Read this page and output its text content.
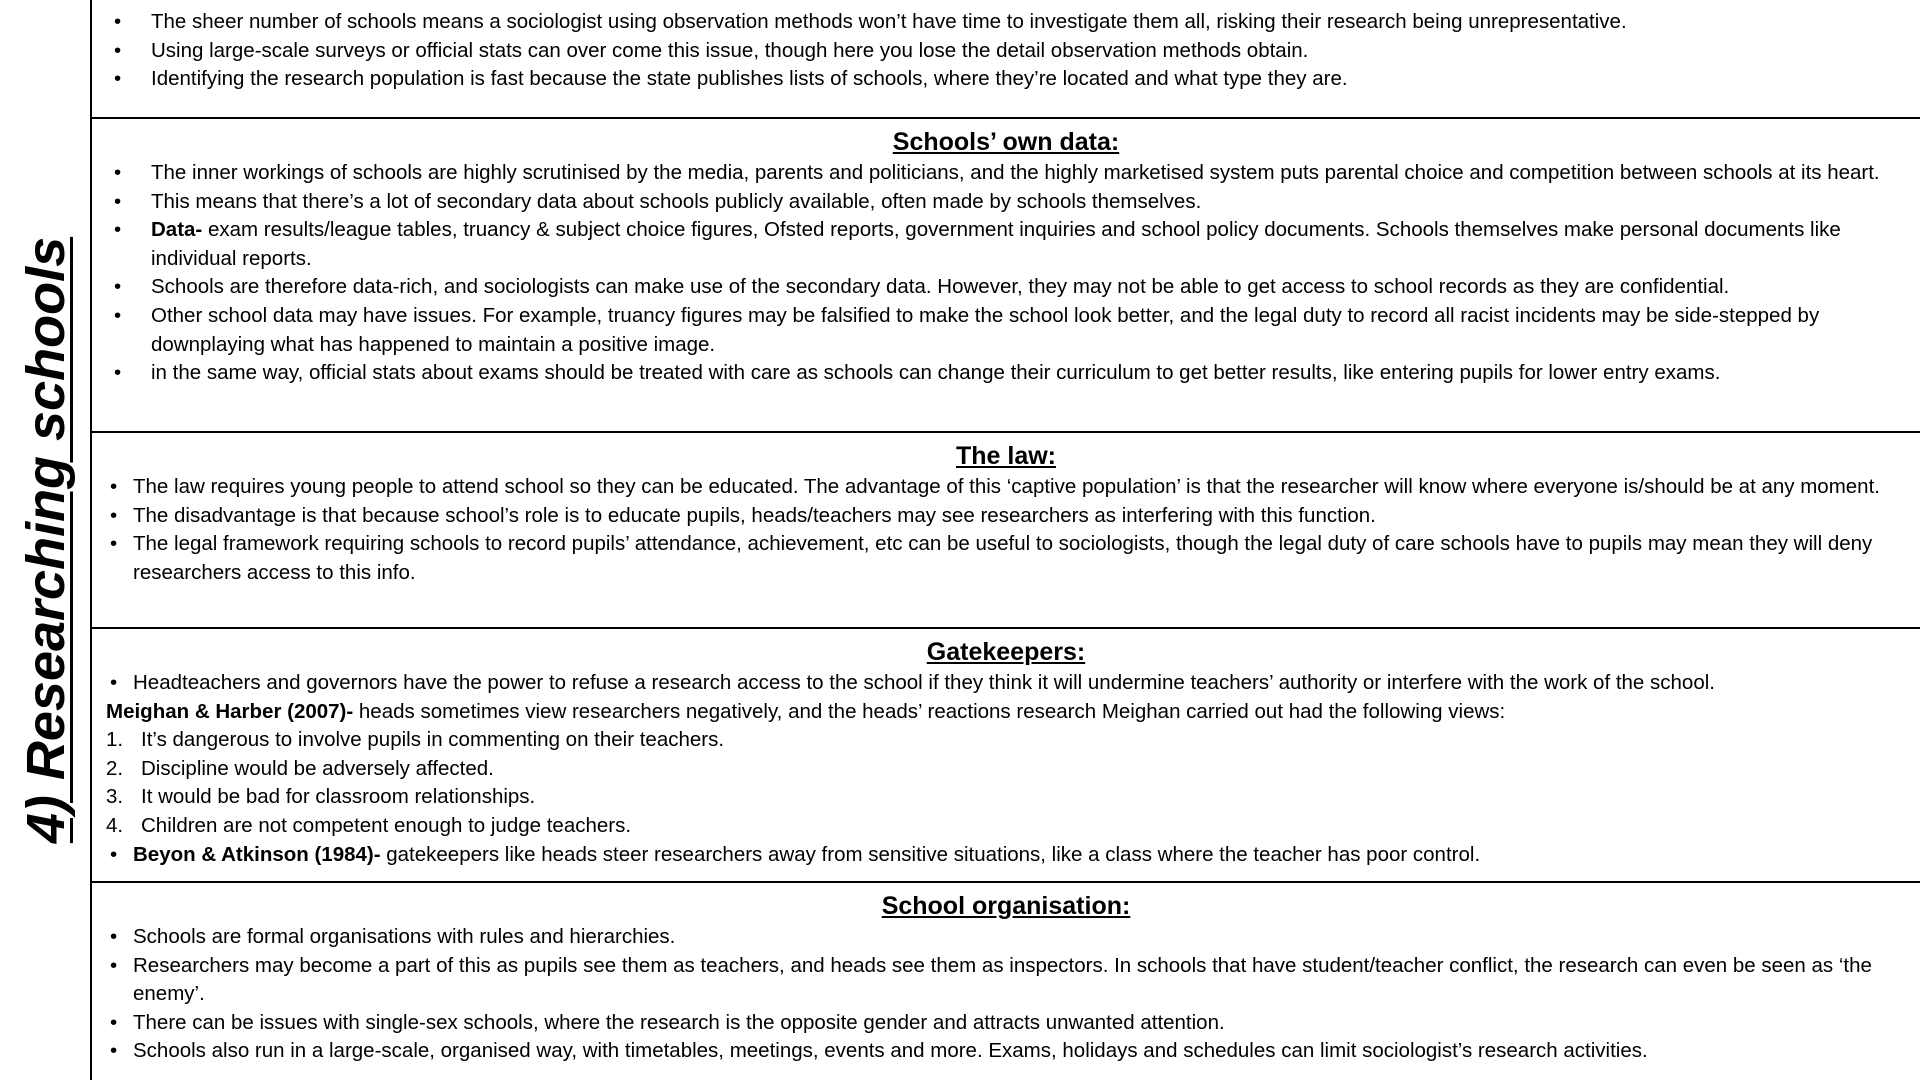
4) Researching schools
• The sheer number of schools means a sociologist using observation methods won’t have time to investigate them all, risking their research being unrepresentative.
• Using large-scale surveys or official stats can over come this issue, though here you lose the detail observation methods obtain.
• Identifying the research population is fast because the state publishes lists of schools, where they’re located and what type they are.
Schools’ own data:
• The inner workings of schools are highly scrutinised by the media, parents and politicians, and the highly marketised system puts parental choice and competition between schools at its heart.
• This means that there’s a lot of secondary data about schools publicly available, often made by schools themselves.
• Data- exam results/league tables, truancy & subject choice figures, Ofsted reports, government inquiries and school policy documents. Schools themselves make personal documents like individual reports.
• Schools are therefore data-rich, and sociologists can make use of the secondary data. However, they may not be able to get access to school records as they are confidential.
• Other school data may have issues. For example, truancy figures may be falsified to make the school look better, and the legal duty to record all racist incidents may be side-stepped by downplaying what has happened to maintain a positive image.
• in the same way, official stats about exams should be treated with care as schools can change their curriculum to get better results, like entering pupils for lower entry exams.
The law:
• The law requires young people to attend school so they can be educated. The advantage of this ‘captive population’ is that the researcher will know where everyone is/should be at any moment.
• The disadvantage is that because school’s role is to educate pupils, heads/teachers may see researchers as interfering with this function.
• The legal framework requiring schools to record pupils’ attendance, achievement, etc can be useful to sociologists, though the legal duty of care schools have to pupils may mean they will deny researchers access to this info.
Gatekeepers:
• Headteachers and governors have the power to refuse a research access to the school if they think it will undermine teachers’ authority or interfere with the work of the school.
Meighan & Harber (2007)- heads sometimes view researchers negatively, and the heads’ reactions research Meighan carried out had the following views:
1. It’s dangerous to involve pupils in commenting on their teachers.
2. Discipline would be adversely affected.
3. It would be bad for classroom relationships.
4. Children are not competent enough to judge teachers.
• Beyon & Atkinson (1984)- gatekeepers like heads steer researchers away from sensitive situations, like a class where the teacher has poor control.
School organisation:
• Schools are formal organisations with rules and hierarchies.
• Researchers may become a part of this as pupils see them as teachers, and heads see them as inspectors. In schools that have student/teacher conflict, the research can even be seen as ‘the enemy’.
• There can be issues with single-sex schools, where the research is the opposite gender and attracts unwanted attention.
• Schools also run in a large-scale, organised way, with timetables, meetings, events and more. Exams, holidays and schedules can limit sociologist’s research activities.
